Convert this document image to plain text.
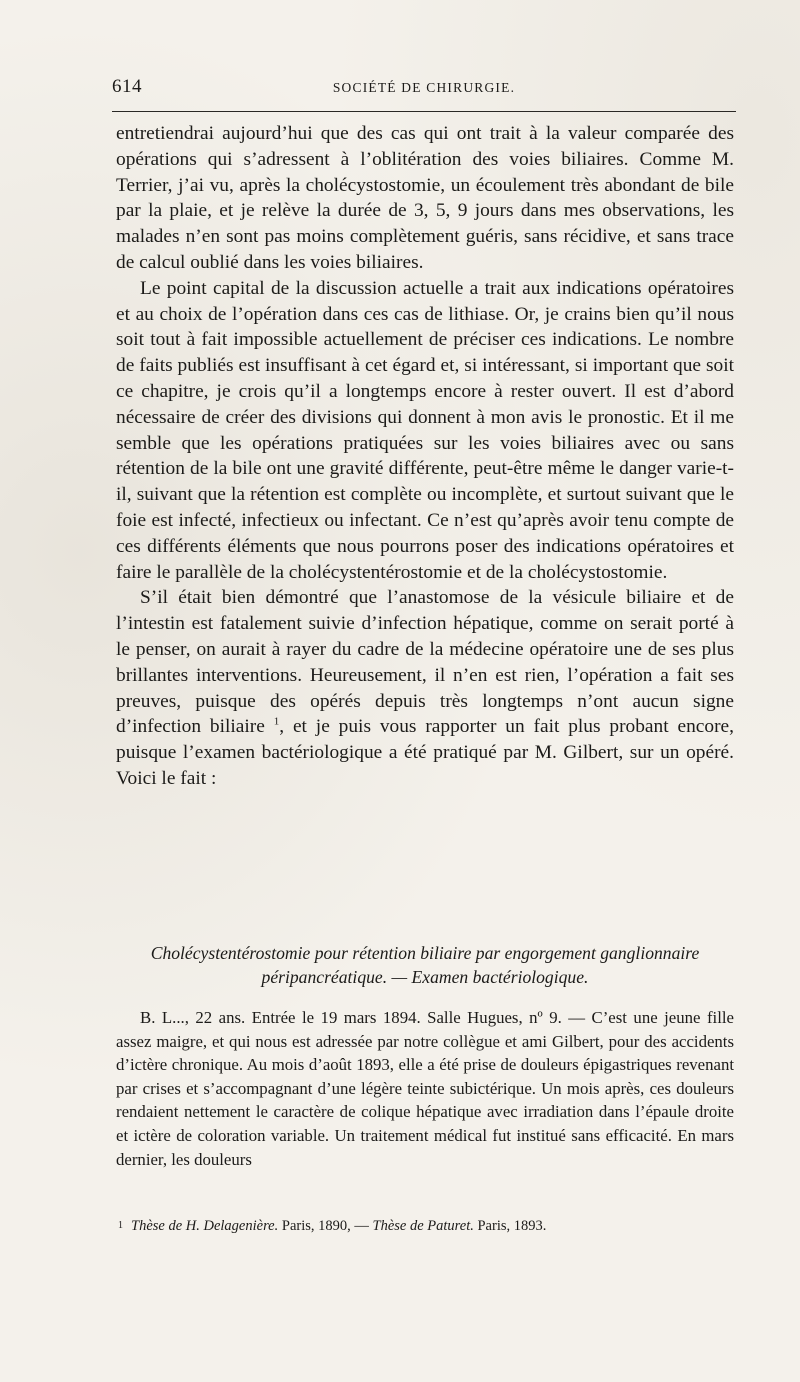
614	SOCIÉTÉ DE CHIRURGIE.

entretiendrai aujourd’hui que des cas qui ont trait à la valeur comparée des opérations qui s’adressent à l’oblitération des voies biliaires. Comme M. Terrier, j’ai vu, après la cholécystostomie, un écoulement très abondant de bile par la plaie, et je relève la durée de 3, 5, 9 jours dans mes observations, les malades n’en sont pas moins complètement guéris, sans récidive, et sans trace de calcul oublié dans les voies biliaires.

Le point capital de la discussion actuelle a trait aux indications opératoires et au choix de l’opération dans ces cas de lithiase. Or, je crains bien qu’il nous soit tout à fait impossible actuellement de préciser ces indications. Le nombre de faits publiés est insuffisant à cet égard et, si intéressant, si important que soit ce chapitre, je crois qu’il a longtemps encore à rester ouvert. Il est d’abord nécessaire de créer des divisions qui donnent à mon avis le pronostic. Et il me semble que les opérations pratiquées sur les voies biliaires avec ou sans rétention de la bile ont une gravité différente, peut-être même le danger varie-t-il, suivant que la rétention est complète ou incomplète, et surtout suivant que le foie est infecté, infectieux ou infectant. Ce n’est qu’après avoir tenu compte de ces différents éléments que nous pourrons poser des indications opératoires et faire le parallèle de la cholécystentérostomie et de la cholécystostomie.

S’il était bien démontré que l’anastomose de la vésicule biliaire et de l’intestin est fatalement suivie d’infection hépatique, comme on serait porté à le penser, on aurait à rayer du cadre de la médecine opératoire une de ses plus brillantes interventions. Heureusement, il n’en est rien, l’opération a fait ses preuves, puisque des opérés depuis très longtemps n’ont aucun signe d’infection biliaire $^1$, et je puis vous rapporter un fait plus probant encore, puisque l’examen bactériologique a été pratiqué par M. Gilbert, sur un opéré. Voici le fait :

Cholécystentérostomie pour rétention biliaire par engorgement ganglionnaire péripancréatique. — Examen bactériologique.

B. L..., 22 ans. Entrée le 19 mars 1894. Salle Hugues, nº 9. — C’est une jeune fille assez maigre, et qui nous est adressée par notre collègue et ami Gilbert, pour des accidents d’ictère chronique. Au mois d’août 1893, elle a été prise de douleurs épigastriques revenant par crises et s’accompagnant d’une légère teinte subictérique. Un mois après, ces douleurs rendaient nettement le caractère de colique hépatique avec irradiation dans l’épaule droite et ictère de coloration variable. Un traitement médical fut institué sans efficacité. En mars dernier, les douleurs

$^1$ Thèse de H. Delagenière. Paris, 1890, — Thèse de Paturet. Paris, 1893.
